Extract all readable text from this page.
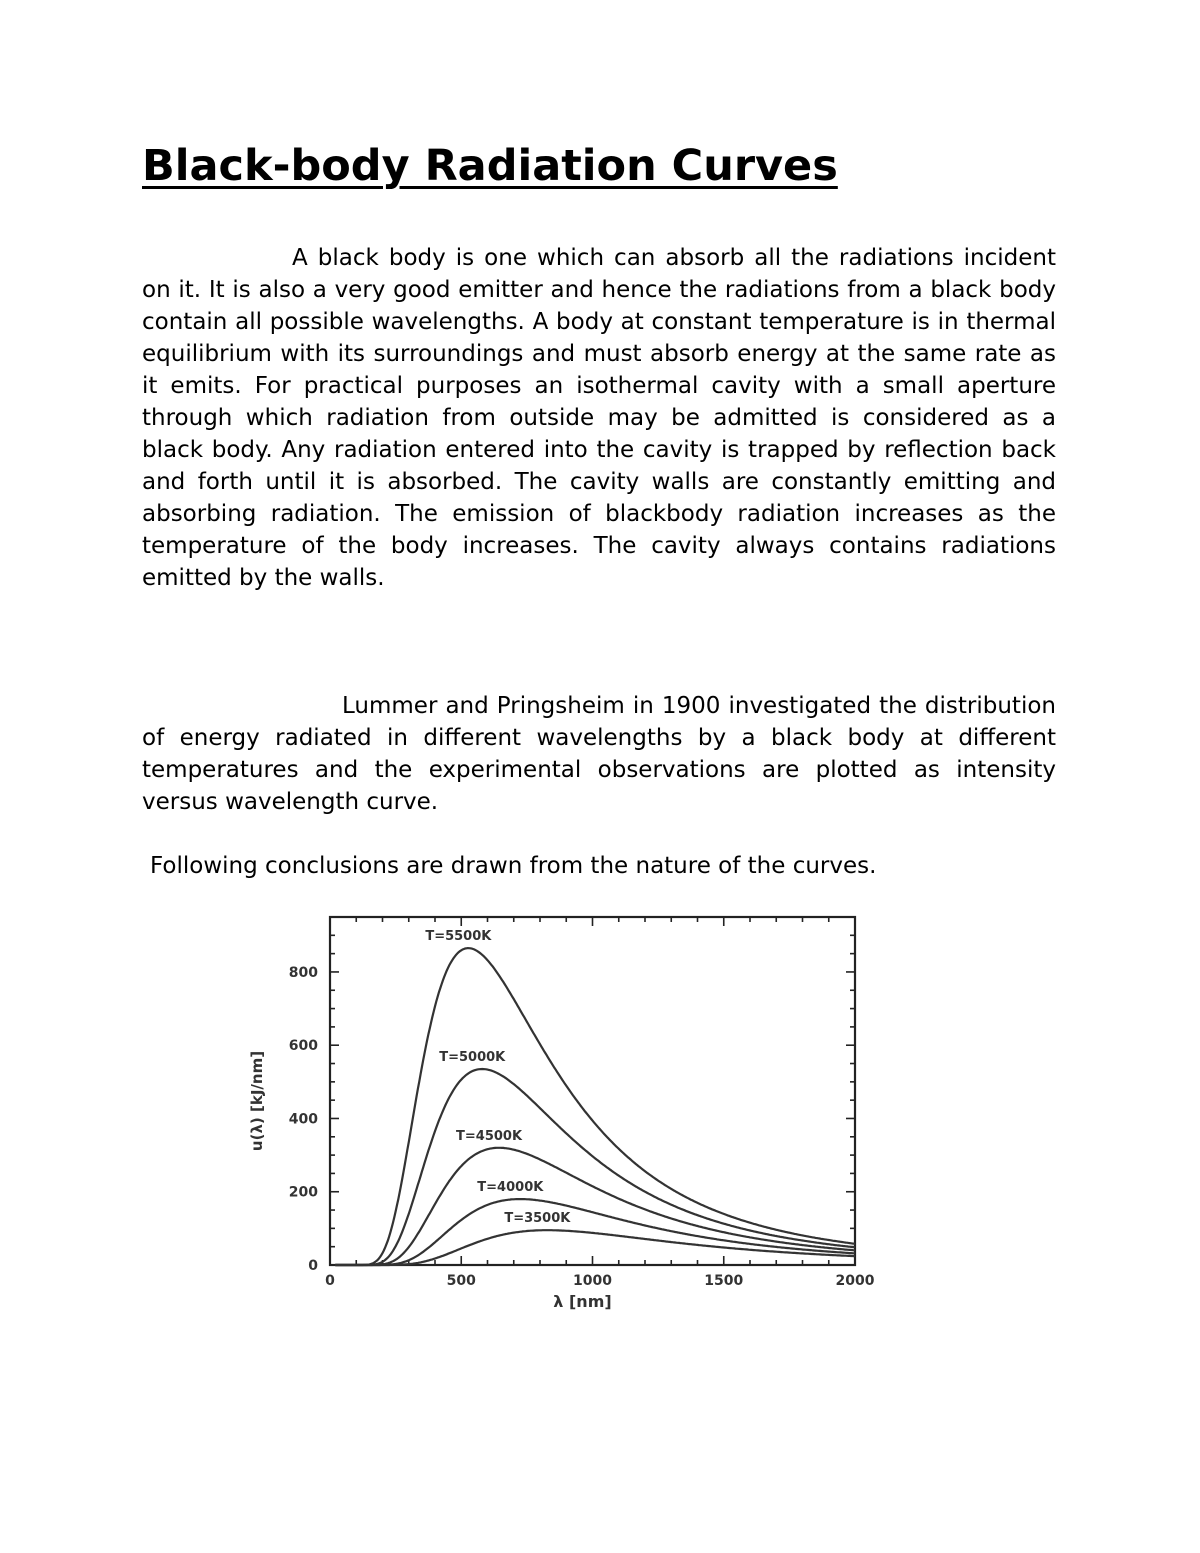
Black-body Radiation Curves

A black body is one which can absorb all the radiations incident on it. It is also a very good emitter and hence the radiations from a black body contain all possible wavelengths. A body at constant temperature is in thermal equilibrium with its surroundings and must absorb energy at the same rate as it emits. For practical purposes an isothermal cavity with a small aperture through which radiation from outside may be admitted is considered as a black body. Any radiation entered into the cavity is trapped by reflection back and forth until it is absorbed. The cavity walls are constantly emitting and absorbing radiation. The emission of blackbody radiation increases as the temperature of the body increases. The cavity always contains radiations emitted by the walls.

Lummer and Pringsheim in 1900 investigated the distribution of energy radiated in different wavelengths by a black body at different temperatures and the experimental observations are plotted as intensity versus wavelength curve.

Following conclusions are drawn from the nature of the curves.

0	500	1000	1500	2000
0
200
400
600
800
λ [nm]
u(λ) [kJ/nm]
T=5500K
T=5000K
T=4500K
T=4000K
T=3500K
